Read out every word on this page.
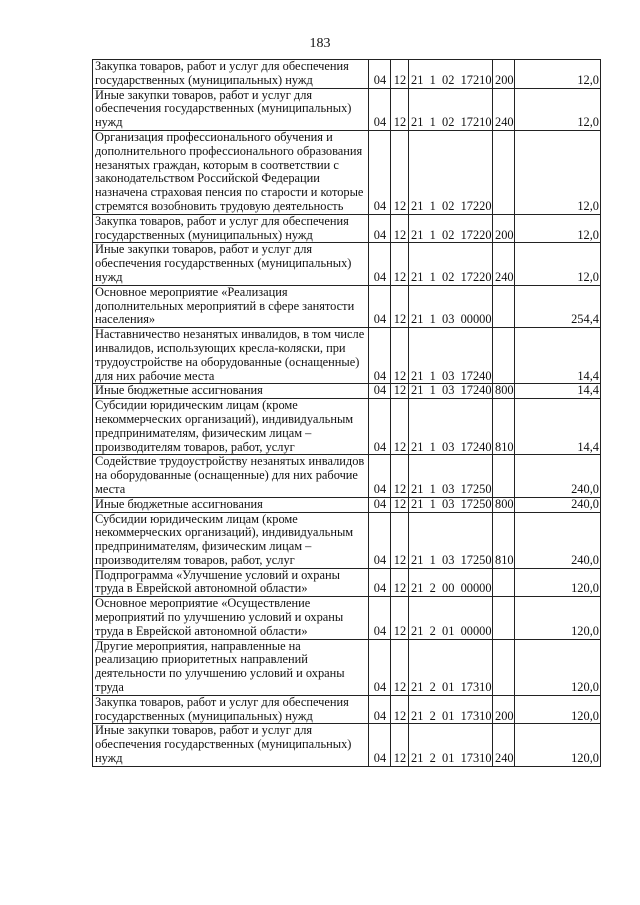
183
Закупка товаров, работ и услуг для обеспечения государственных (муниципальных) нужд	04	12	21 1 02 17210	200	12,0
Иные закупки товаров, работ и услуг для обеспечения государственных (муниципальных) нужд	04	12	21 1 02 17210	240	12,0
Организация профессионального обучения и дополнительного профессионального образования незанятых граждан, которым в соответствии с законодательством Российской Федерации назначена страховая пенсия по старости и которые стремятся возобновить трудовую деятельность	04	12	21 1 02 17220		12,0
Закупка товаров, работ и услуг для обеспечения государственных (муниципальных) нужд	04	12	21 1 02 17220	200	12,0
Иные закупки товаров, работ и услуг для обеспечения государственных (муниципальных) нужд	04	12	21 1 02 17220	240	12,0
Основное мероприятие «Реализация дополнительных мероприятий в сфере занятости населения»	04	12	21 1 03 00000		254,4
Наставничество незанятых инвалидов, в том числе инвалидов, использующих кресла-коляски, при трудоустройстве на оборудованные (оснащенные) для них рабочие места	04	12	21 1 03 17240		14,4
Иные бюджетные ассигнования	04	12	21 1 03 17240	800	14,4
Субсидии юридическим лицам (кроме некоммерческих организаций), индивидуальным предпринимателям, физическим лицам – производителям товаров, работ, услуг	04	12	21 1 03 17240	810	14,4
Содействие трудоустройству незанятых инвалидов на оборудованные (оснащенные) для них рабочие места	04	12	21 1 03 17250		240,0
Иные бюджетные ассигнования	04	12	21 1 03 17250	800	240,0
Субсидии юридическим лицам (кроме некоммерческих организаций), индивидуальным предпринимателям, физическим лицам – производителям товаров, работ, услуг	04	12	21 1 03 17250	810	240,0
Подпрограмма «Улучшение условий и охраны труда в Еврейской автономной области»	04	12	21 2 00 00000		120,0
Основное мероприятие «Осуществление мероприятий по улучшению условий и охраны труда в Еврейской автономной области»	04	12	21 2 01 00000		120,0
Другие мероприятия, направленные на реализацию приоритетных направлений деятельности по улучшению условий и охраны труда	04	12	21 2 01 17310		120,0
Закупка товаров, работ и услуг для обеспечения государственных (муниципальных) нужд	04	12	21 2 01 17310	200	120,0
Иные закупки товаров, работ и услуг для обеспечения государственных (муниципальных) нужд	04	12	21 2 01 17310	240	120,0
